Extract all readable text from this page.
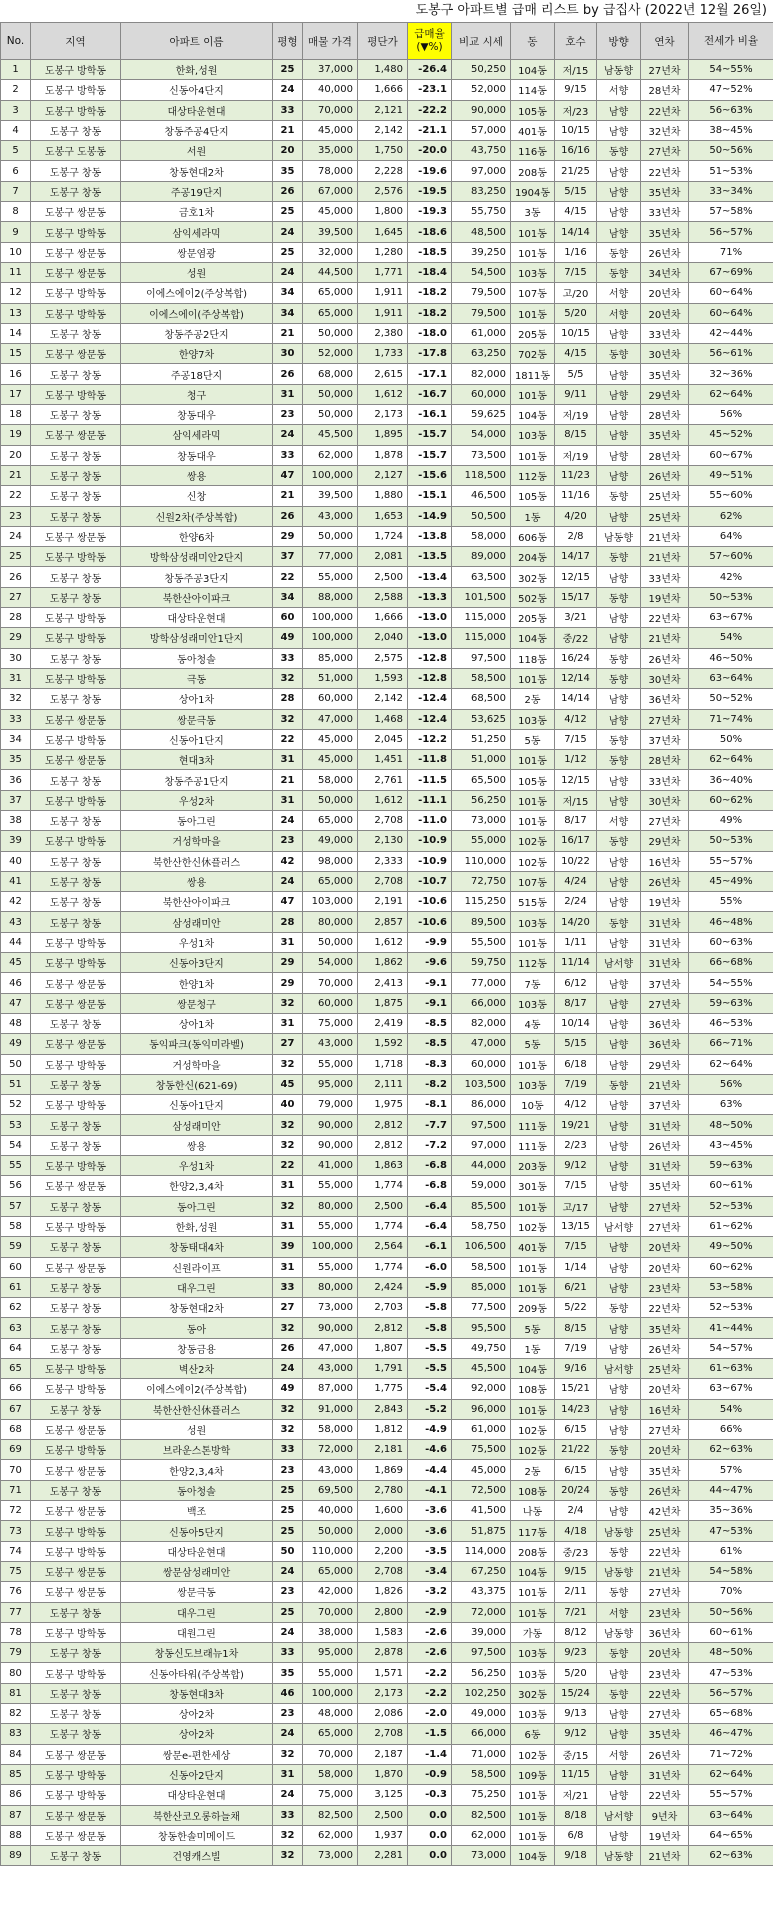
도봉구 아파트별 급매 리스트 by 급집사 (2022년 12월 26일)
No.	지역	아파트 이름	평형	매물 가격	평단가	급매율 (▼%)	비교 시세	동	호수	방향	연차	전세가 비율
1	도봉구 방학동	한화,성원	25	37,000	1,480	-26.4	50,250	104동	저/15	남동향	27년차	54~55%
2	도봉구 방학동	신동아4단지	24	40,000	1,666	-23.1	52,000	114동	9/15	서향	28년차	47~52%
3	도봉구 방학동	대상타운현대	33	70,000	2,121	-22.2	90,000	105동	저/23	남향	22년차	56~63%
4	도봉구 창동	창동주공4단지	21	45,000	2,142	-21.1	57,000	401동	10/15	남향	32년차	38~45%
5	도봉구 도봉동	서원	20	35,000	1,750	-20.0	43,750	116동	16/16	동향	27년차	50~56%
6	도봉구 창동	창동현대2차	35	78,000	2,228	-19.6	97,000	208동	21/25	남향	22년차	51~53%
7	도봉구 창동	주공19단지	26	67,000	2,576	-19.5	83,250	1904동	5/15	남향	35년차	33~34%
8	도봉구 쌍문동	금호1차	25	45,000	1,800	-19.3	55,750	3동	4/15	남향	33년차	57~58%
9	도봉구 방학동	삼익세라믹	24	39,500	1,645	-18.6	48,500	101동	14/14	남향	35년차	56~57%
10	도봉구 쌍문동	쌍문염광	25	32,000	1,280	-18.5	39,250	101동	1/16	동향	26년차	71%
11	도봉구 쌍문동	성원	24	44,500	1,771	-18.4	54,500	103동	7/15	동향	34년차	67~69%
12	도봉구 방학동	이에스에이2(주상복합)	34	65,000	1,911	-18.2	79,500	107동	고/20	서향	20년차	60~64%
13	도봉구 방학동	이에스에이(주상복합)	34	65,000	1,911	-18.2	79,500	101동	5/20	서향	20년차	60~64%
14	도봉구 창동	창동주공2단지	21	50,000	2,380	-18.0	61,000	205동	10/15	남향	33년차	42~44%
15	도봉구 쌍문동	한양7차	30	52,000	1,733	-17.8	63,250	702동	4/15	동향	30년차	56~61%
16	도봉구 창동	주공18단지	26	68,000	2,615	-17.1	82,000	1811동	5/5	남향	35년차	32~36%
17	도봉구 방학동	청구	31	50,000	1,612	-16.7	60,000	101동	9/11	남향	29년차	62~64%
18	도봉구 창동	창동대우	23	50,000	2,173	-16.1	59,625	104동	저/19	남향	28년차	56%
19	도봉구 쌍문동	삼익세라믹	24	45,500	1,895	-15.7	54,000	103동	8/15	남향	35년차	45~52%
20	도봉구 창동	창동대우	33	62,000	1,878	-15.7	73,500	101동	저/19	남향	28년차	60~67%
21	도봉구 창동	쌍용	47	100,000	2,127	-15.6	118,500	112동	11/23	남향	26년차	49~51%
22	도봉구 창동	신창	21	39,500	1,880	-15.1	46,500	105동	11/16	동향	25년차	55~60%
23	도봉구 창동	신원2차(주상복합)	26	43,000	1,653	-14.9	50,500	1동	4/20	남향	25년차	62%
24	도봉구 쌍문동	한양6차	29	50,000	1,724	-13.8	58,000	606동	2/8	남동향	21년차	64%
25	도봉구 방학동	방학삼성래미안2단지	37	77,000	2,081	-13.5	89,000	204동	14/17	동향	21년차	57~60%
26	도봉구 창동	창동주공3단지	22	55,000	2,500	-13.4	63,500	302동	12/15	남향	33년차	42%
27	도봉구 창동	북한산아이파크	34	88,000	2,588	-13.3	101,500	502동	15/17	동향	19년차	50~53%
28	도봉구 방학동	대상타운현대	60	100,000	1,666	-13.0	115,000	205동	3/21	남향	22년차	63~67%
29	도봉구 방학동	방학삼성래미안1단지	49	100,000	2,040	-13.0	115,000	104동	중/22	남향	21년차	54%
30	도봉구 창동	동아청솔	33	85,000	2,575	-12.8	97,500	118동	16/24	동향	26년차	46~50%
31	도봉구 방학동	극동	32	51,000	1,593	-12.8	58,500	101동	12/14	동향	30년차	63~64%
32	도봉구 창동	상아1차	28	60,000	2,142	-12.4	68,500	2동	14/14	남향	36년차	50~52%
33	도봉구 쌍문동	쌍문극동	32	47,000	1,468	-12.4	53,625	103동	4/12	남향	27년차	71~74%
34	도봉구 방학동	신동아1단지	22	45,000	2,045	-12.2	51,250	5동	7/15	동향	37년차	50%
35	도봉구 쌍문동	현대3차	31	45,000	1,451	-11.8	51,000	101동	1/12	동향	28년차	62~64%
36	도봉구 창동	창동주공1단지	21	58,000	2,761	-11.5	65,500	105동	12/15	남향	33년차	36~40%
37	도봉구 방학동	우성2차	31	50,000	1,612	-11.1	56,250	101동	저/15	남향	30년차	60~62%
38	도봉구 창동	동아그린	24	65,000	2,708	-11.0	73,000	101동	8/17	서향	27년차	49%
39	도봉구 방학동	거성학마을	23	49,000	2,130	-10.9	55,000	102동	16/17	동향	29년차	50~53%
40	도봉구 창동	북한산한신休플러스	42	98,000	2,333	-10.9	110,000	102동	10/22	남향	16년차	55~57%
41	도봉구 창동	쌍용	24	65,000	2,708	-10.7	72,750	107동	4/24	남향	26년차	45~49%
42	도봉구 창동	북한산아이파크	47	103,000	2,191	-10.6	115,250	515동	2/24	남향	19년차	55%
43	도봉구 창동	삼성래미안	28	80,000	2,857	-10.6	89,500	103동	14/20	동향	31년차	46~48%
44	도봉구 방학동	우성1차	31	50,000	1,612	-9.9	55,500	101동	1/11	남향	31년차	60~63%
45	도봉구 방학동	신동아3단지	29	54,000	1,862	-9.6	59,750	112동	11/14	남서향	31년차	66~68%
46	도봉구 쌍문동	한양1차	29	70,000	2,413	-9.1	77,000	7동	6/12	남향	37년차	54~55%
47	도봉구 쌍문동	쌍문청구	32	60,000	1,875	-9.1	66,000	103동	8/17	남향	27년차	59~63%
48	도봉구 창동	상아1차	31	75,000	2,419	-8.5	82,000	4동	10/14	남향	36년차	46~53%
49	도봉구 쌍문동	동익파크(동익미라벨)	27	43,000	1,592	-8.5	47,000	5동	5/15	남향	36년차	66~71%
50	도봉구 방학동	거성학마을	32	55,000	1,718	-8.3	60,000	101동	6/18	남향	29년차	62~64%
51	도봉구 창동	창동한신(621-69)	45	95,000	2,111	-8.2	103,500	103동	7/19	동향	21년차	56%
52	도봉구 방학동	신동아1단지	40	79,000	1,975	-8.1	86,000	10동	4/12	남향	37년차	63%
53	도봉구 창동	삼성래미안	32	90,000	2,812	-7.7	97,500	111동	19/21	남향	31년차	48~50%
54	도봉구 창동	쌍용	32	90,000	2,812	-7.2	97,000	111동	2/23	남향	26년차	43~45%
55	도봉구 방학동	우성1차	22	41,000	1,863	-6.8	44,000	203동	9/12	남향	31년차	59~63%
56	도봉구 쌍문동	한양2,3,4차	31	55,000	1,774	-6.8	59,000	301동	7/15	남향	35년차	60~61%
57	도봉구 창동	동아그린	32	80,000	2,500	-6.4	85,500	101동	고/17	남향	27년차	52~53%
58	도봉구 방학동	한화,성원	31	55,000	1,774	-6.4	58,750	102동	13/15	남서향	27년차	61~62%
59	도봉구 창동	창동태대4차	39	100,000	2,564	-6.1	106,500	401동	7/15	남향	20년차	49~50%
60	도봉구 쌍문동	신원라이프	31	55,000	1,774	-6.0	58,500	101동	1/14	남향	20년차	60~62%
61	도봉구 창동	대우그린	33	80,000	2,424	-5.9	85,000	101동	6/21	남향	23년차	53~58%
62	도봉구 창동	창동현대2차	27	73,000	2,703	-5.8	77,500	209동	5/22	동향	22년차	52~53%
63	도봉구 창동	동아	32	90,000	2,812	-5.8	95,500	5동	8/15	남향	35년차	41~44%
64	도봉구 창동	창동금용	26	47,000	1,807	-5.5	49,750	1동	7/19	남향	26년차	54~57%
65	도봉구 방학동	벽산2차	24	43,000	1,791	-5.5	45,500	104동	9/16	남서향	25년차	61~63%
66	도봉구 방학동	이에스에이2(주상복합)	49	87,000	1,775	-5.4	92,000	108동	15/21	남향	20년차	63~67%
67	도봉구 창동	북한산한신休플러스	32	91,000	2,843	-5.2	96,000	101동	14/23	남향	16년차	54%
68	도봉구 쌍문동	성원	32	58,000	1,812	-4.9	61,000	102동	6/15	남향	27년차	66%
69	도봉구 방학동	브라운스톤방학	33	72,000	2,181	-4.6	75,500	102동	21/22	동향	20년차	62~63%
70	도봉구 쌍문동	한양2,3,4차	23	43,000	1,869	-4.4	45,000	2동	6/15	남향	35년차	57%
71	도봉구 창동	동아청솔	25	69,500	2,780	-4.1	72,500	108동	20/24	동향	26년차	44~47%
72	도봉구 쌍문동	백조	25	40,000	1,600	-3.6	41,500	나동	2/4	남향	42년차	35~36%
73	도봉구 방학동	신동아5단지	25	50,000	2,000	-3.6	51,875	117동	4/18	남동향	25년차	47~53%
74	도봉구 방학동	대상타운현대	50	110,000	2,200	-3.5	114,000	208동	중/23	동향	22년차	61%
75	도봉구 쌍문동	쌍문삼성래미안	24	65,000	2,708	-3.4	67,250	104동	9/15	남동향	21년차	54~58%
76	도봉구 쌍문동	쌍문극동	23	42,000	1,826	-3.2	43,375	101동	2/11	동향	27년차	70%
77	도봉구 창동	대우그린	25	70,000	2,800	-2.9	72,000	101동	7/21	서향	23년차	50~56%
78	도봉구 방학동	대원그린	24	38,000	1,583	-2.6	39,000	가동	8/12	남동향	36년차	60~61%
79	도봉구 창동	창동신도브래뉴1차	33	95,000	2,878	-2.6	97,500	103동	9/23	동향	20년차	48~50%
80	도봉구 방학동	신동아타워(주상복합)	35	55,000	1,571	-2.2	56,250	103동	5/20	남향	23년차	47~53%
81	도봉구 창동	창동현대3차	46	100,000	2,173	-2.2	102,250	302동	15/24	동향	22년차	56~57%
82	도봉구 창동	상아2차	23	48,000	2,086	-2.0	49,000	103동	9/13	남향	27년차	65~68%
83	도봉구 창동	상아2차	24	65,000	2,708	-1.5	66,000	6동	9/12	남향	35년차	46~47%
84	도봉구 쌍문동	쌍문e-편한세상	32	70,000	2,187	-1.4	71,000	102동	중/15	서향	26년차	71~72%
85	도봉구 방학동	신동아2단지	31	58,000	1,870	-0.9	58,500	109동	11/15	남향	31년차	62~64%
86	도봉구 방학동	대상타운현대	24	75,000	3,125	-0.3	75,250	101동	저/21	남향	22년차	55~57%
87	도봉구 쌍문동	북한산코오롱하늘채	33	82,500	2,500	0.0	82,500	101동	8/18	남서향	9년차	63~64%
88	도봉구 쌍문동	창동한솔미메이드	32	62,000	1,937	0.0	62,000	101동	6/8	남향	19년차	64~65%
89	도봉구 창동	건영캐스빌	32	73,000	2,281	0.0	73,000	104동	9/18	남동향	21년차	62~63%
